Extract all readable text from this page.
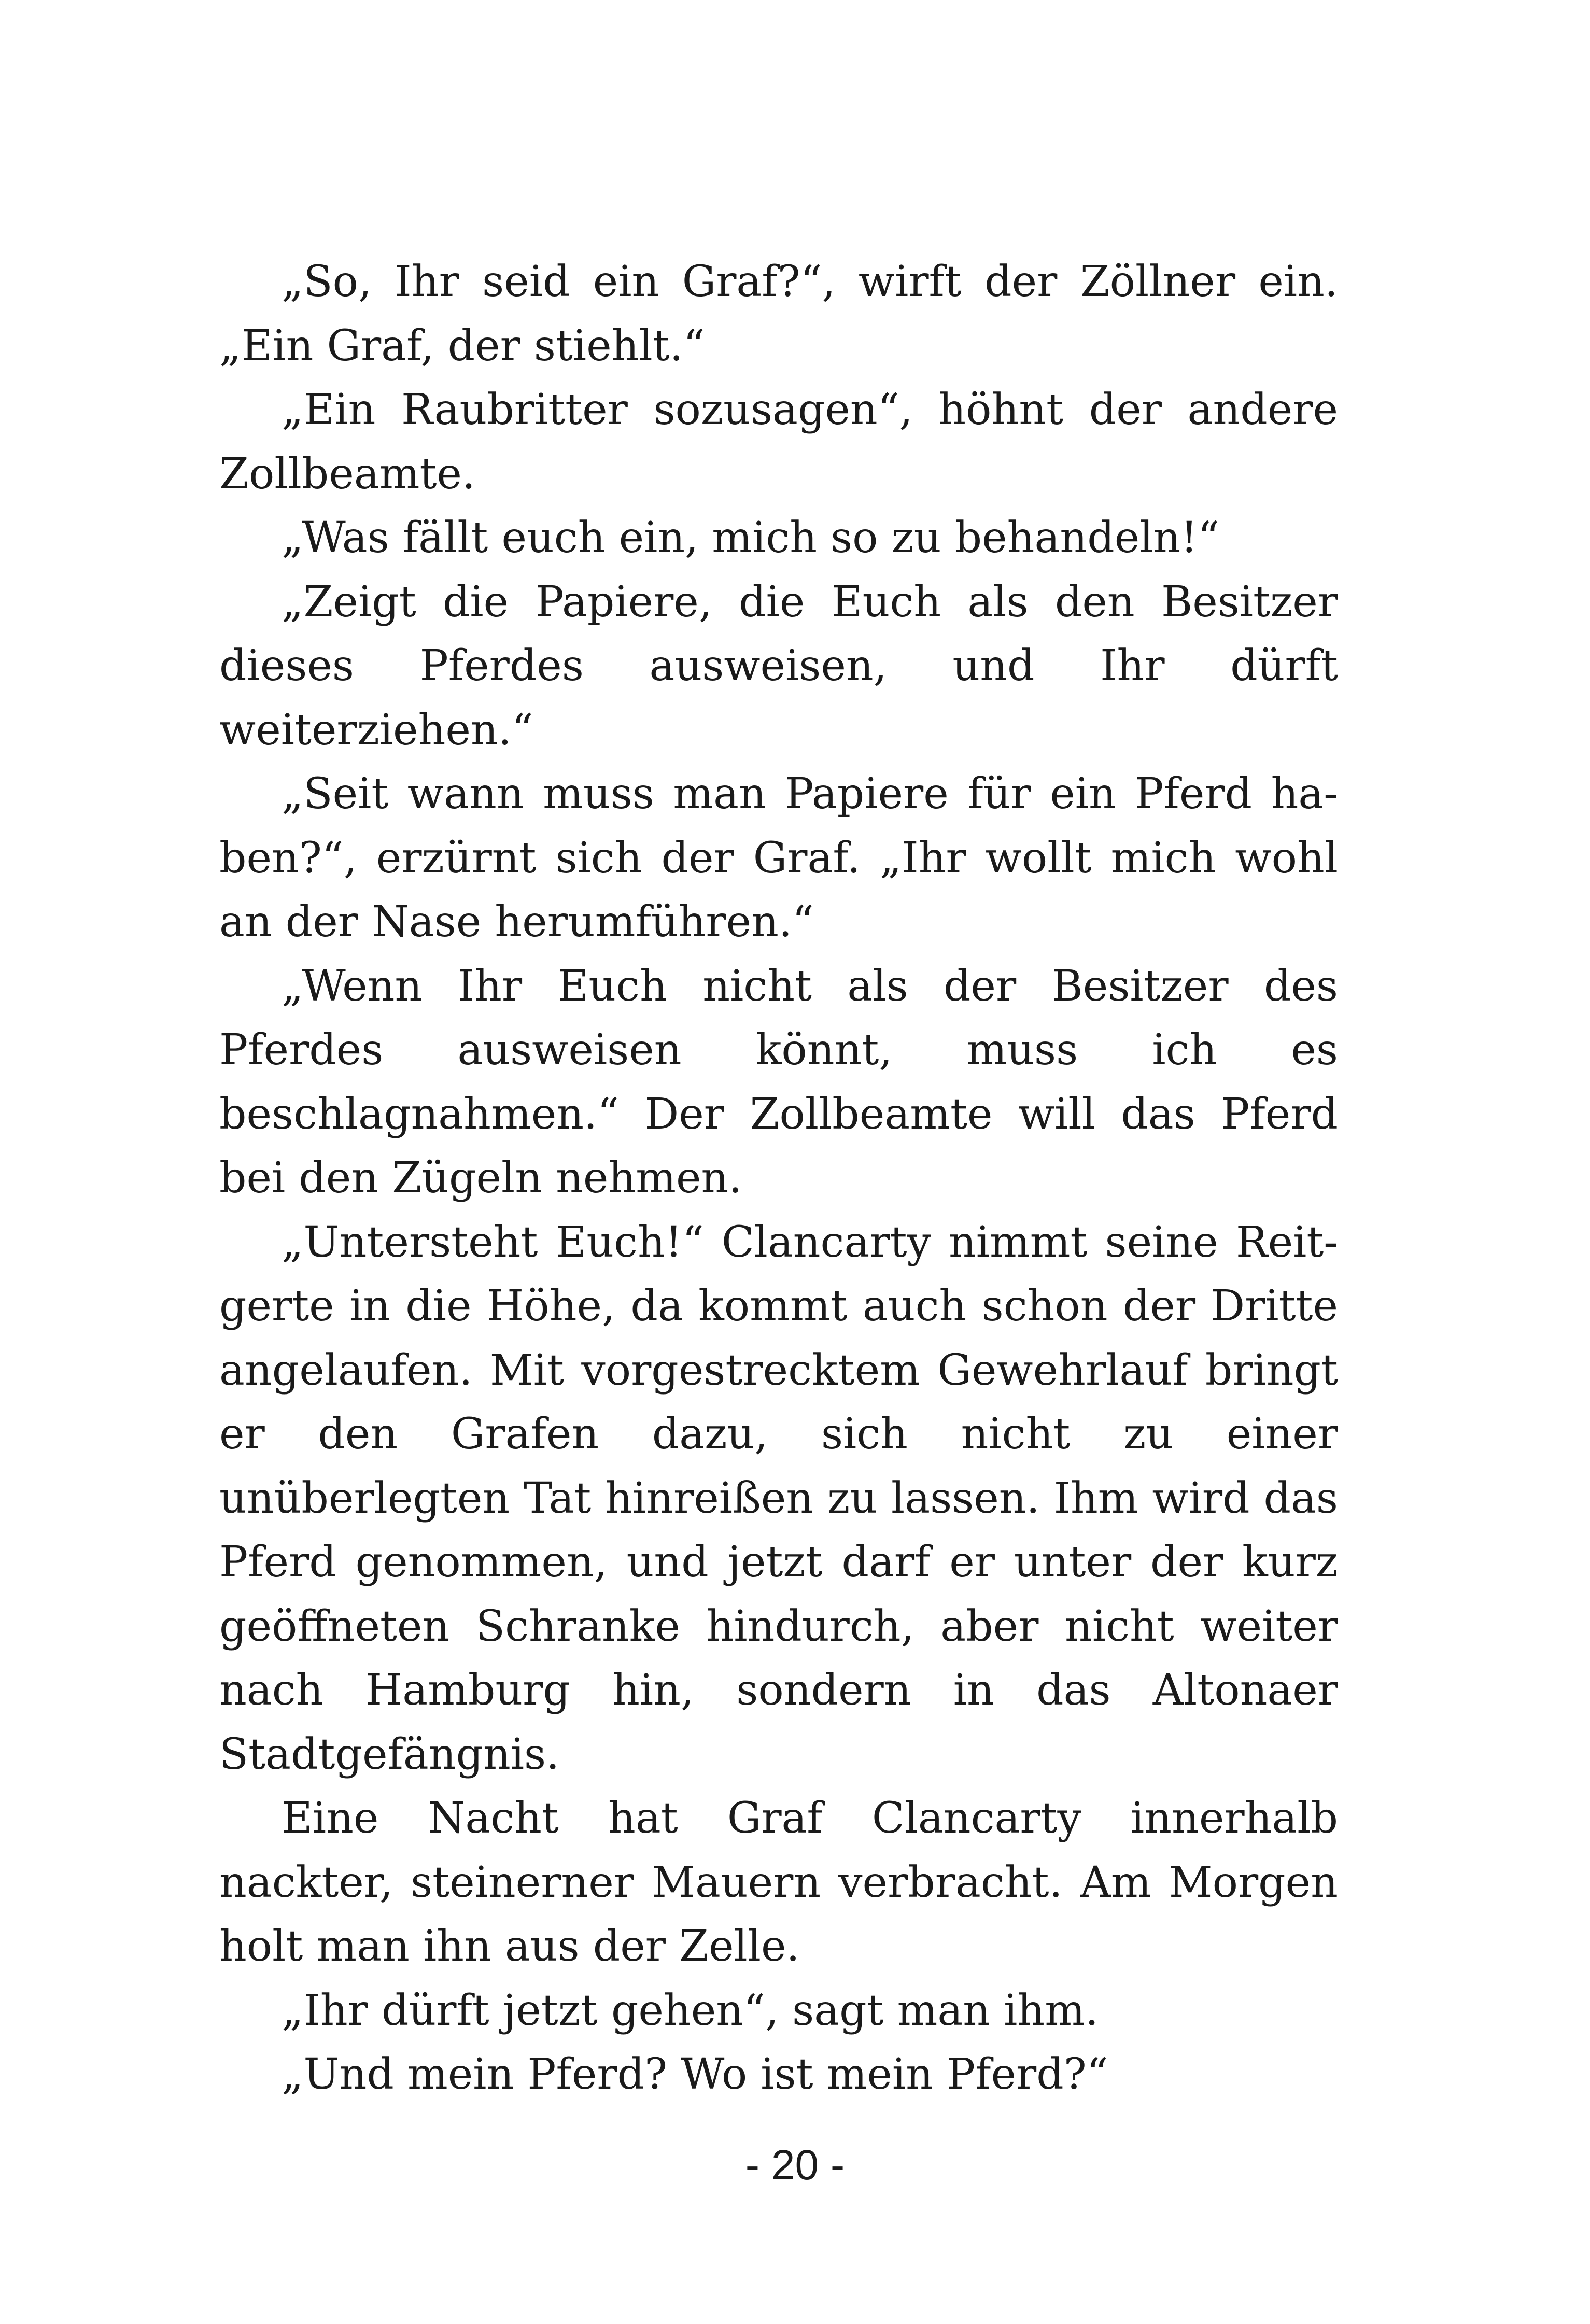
„So, Ihr seid ein Graf?“, wirft der Zöllner ein. „Ein Graf, der stiehlt.“

„Ein Raubritter sozusagen“, höhnt der andere Zollbeamte.

„Was fällt euch ein, mich so zu behandeln!“

„Zeigt die Papiere, die Euch als den Besitzer dieses Pferdes ausweisen, und Ihr dürft weiterziehen.“

„Seit wann muss man Papiere für ein Pferd haben?“, erzürnt sich der Graf. „Ihr wollt mich wohl an der Nase herumführen.“

„Wenn Ihr Euch nicht als der Besitzer des Pferdes ausweisen könnt, muss ich es beschlagnahmen.“ Der Zollbeamte will das Pferd bei den Zügeln nehmen.

„Untersteht Euch!“ Clancarty nimmt seine Reitgerte in die Höhe, da kommt auch schon der Dritte angelaufen. Mit vorgestrecktem Gewehrlauf bringt er den Grafen dazu, sich nicht zu einer unüberlegten Tat hinreißen zu lassen. Ihm wird das Pferd genommen, und jetzt darf er unter der kurz geöffneten Schranke hindurch, aber nicht weiter nach Hamburg hin, sondern in das Altonaer Stadtgefängnis.

Eine Nacht hat Graf Clancarty innerhalb nackter, steinerner Mauern verbracht. Am Morgen holt man ihn aus der Zelle.

„Ihr dürft jetzt gehen“, sagt man ihm.

„Und mein Pferd? Wo ist mein Pferd?“

- 20 -
